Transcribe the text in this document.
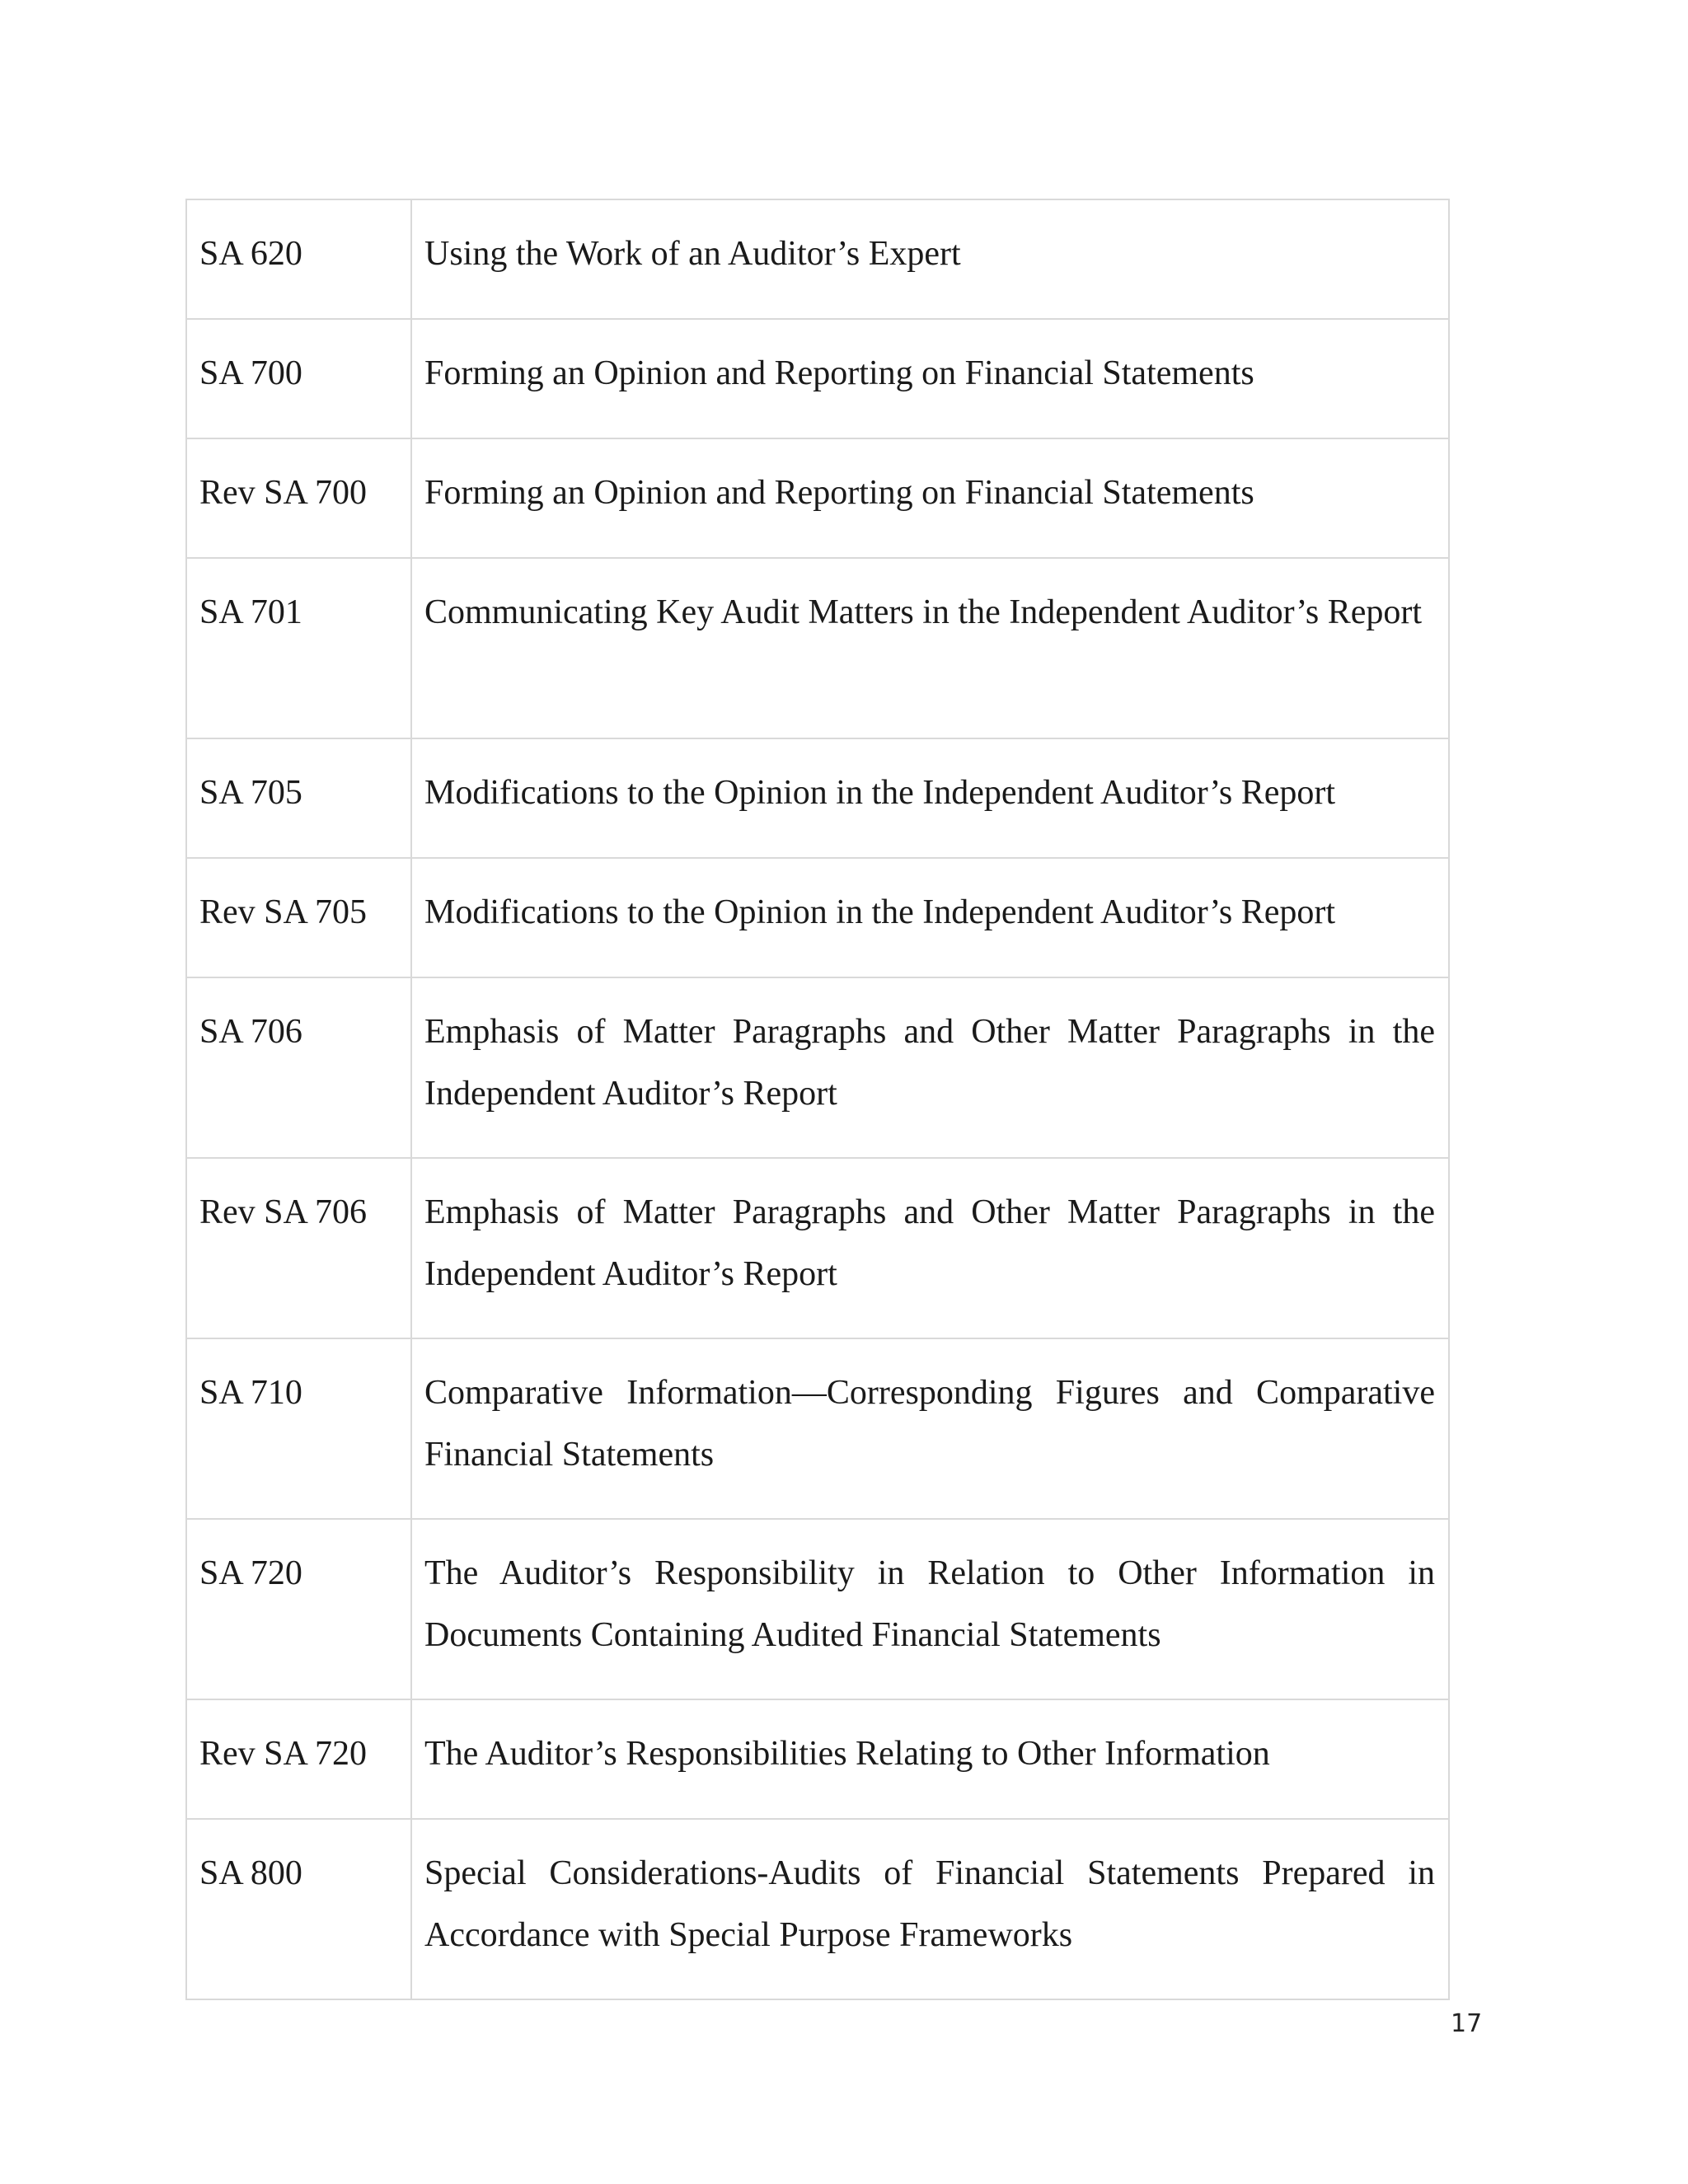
SA 620	Using the Work of an Auditor’s Expert
SA 700	Forming an Opinion and Reporting on Financial Statements
Rev SA 700	Forming an Opinion and Reporting on Financial Statements
SA 701	Communicating Key Audit Matters in the Independent Auditor’s Report
SA 705	Modifications to the Opinion in the Independent Auditor’s Report
Rev SA 705	Modifications to the Opinion in the Independent Auditor’s Report
SA 706	Emphasis of Matter Paragraphs and Other Matter Paragraphs in the Independent Auditor’s Report
Rev SA 706	Emphasis of Matter Paragraphs and Other Matter Paragraphs in the Independent Auditor’s Report
SA 710	Comparative Information—Corresponding Figures and Comparative Financial Statements
SA 720	The Auditor’s Responsibility in Relation to Other Information in Documents Containing Audited Financial Statements
Rev SA 720	The Auditor’s Responsibilities Relating to Other Information
SA 800	Special Considerations-Audits of Financial Statements Prepared in Accordance with Special Purpose Frameworks
17
